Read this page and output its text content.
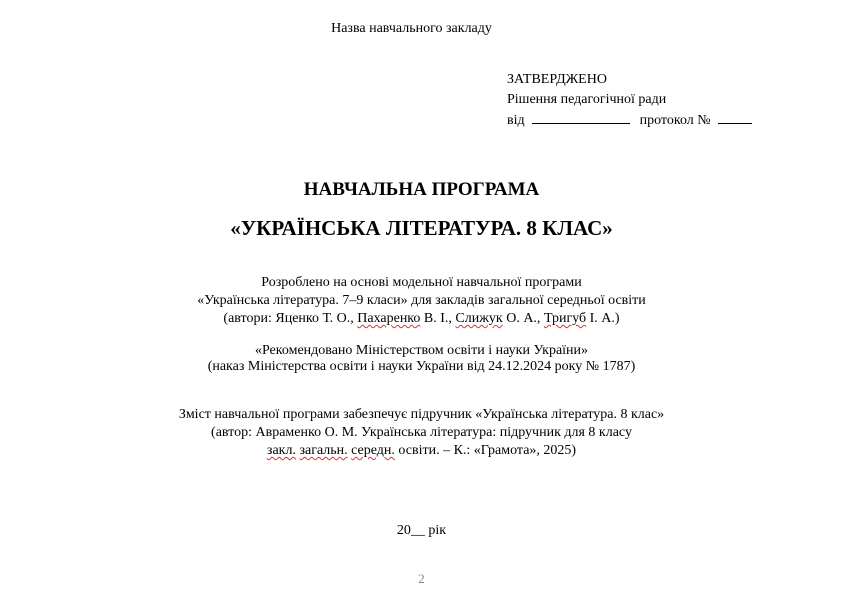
Назва навчального закладу
ЗАТВЕРДЖЕНО
Рішення педагогічної ради
від	протокол №
НАВЧАЛЬНА ПРОГРАМА
«УКРАЇНСЬКА ЛІТЕРАТУРА. 8 КЛАС»
Розроблено на основі модельної навчальної програми
«Українська література. 7–9 класи» для закладів загальної середньої освіти
(автори: Яценко Т. О., Пахаренко В. І., Слижук О. А., Тригуб І. А.)
«Рекомендовано Міністерством освіти і науки України»
(наказ Міністерства освіти і науки України від 24.12.2024 року № 1787)
Зміст навчальної програми забезпечує підручник «Українська література. 8 клас»
(автор: Авраменко О. М. Українська література: підручник для 8 класу
закл. загальн. середн. освіти. – К.: «Грамота», 2025)
20__ рік
2
